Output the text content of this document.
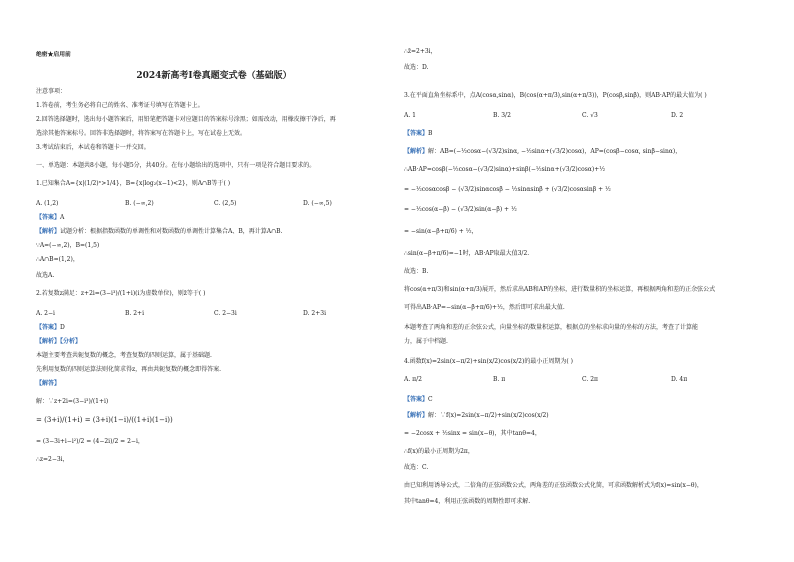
绝密★启用前

2024新高考I卷真题变式卷（基础版）

注意事项：

1.答卷前，考生务必将自己的姓名、准考证号填写在答题卡上。

2.回答选择题时，选出每小题答案后，用铅笔把答题卡对应题目的答案标号涂黑；如需改动，用橡皮擦干净后，再

选涂其他答案标号。回答非选择题时，将答案写在答题卡上，写在试卷上无效。

3.考试结束后，本试卷和答题卡一并交回。

一、单选题：本题共8小题，每小题5分，共40分。在每小题给出的选项中，只有一项是符合题目要求的。

1.已知集合A={x|(1/2)ˣ>1/4}，B={x|log₂(x−1)<2}，则A∩B等于( )

A. (1,2)	B. (−∞,2)	C. (2,5)	D. (−∞,5)

【答案】A

【解析】试题分析：根据指数函数的单调性和对数函数的单调性计算集合A、B，再计算A∩B.

∵A=(−∞,2)，B=(1,5)

∴A∩B=(1,2)，

故选A.

2.若复数z满足：z+2i=(3−i³)/(1+i)(i为虚数单位)，则z̄等于( )

A. 2−i	B. 2+i	C. 2−3i	D. 2+3i

【答案】D

【解析】【分析】

本题主要考查共轭复数的概念，考查复数的四则运算，属于基础题.

先利用复数的四则运算法则化简求得z，再由共轭复数的概念即得答案.

【解答】

解：∵z+2i=(3−i³)/(1+i)

= (3+i)/(1+i) = (3+i)(1−i)/((1+i)(1−i))

= (3−3i+i−i²)/2 = (4−2i)/2 = 2−i，

∴z=2−3i，

∴z̄=2+3i，

故选：D.

3.在平面直角坐标系中，点A(cosα,sinα)，B(cos(α+π/3),sin(α+π/3))，P(cosβ,sinβ)，则AB·AP的最大值为( )

A. 1	B. 3/2	C. √3	D. 2

【答案】B

【解析】解：AB=(−½cosα−(√3/2)sinα, −½sinα+(√3/2)cosα)，AP=(cosβ−cosα, sinβ−sinα)，

∴AB·AP=cosβ(−½cosα−(√3/2)sinα)+sinβ(−½sinα+(√3/2)cosα)+½

= −½cosαcosβ − (√3/2)sinαcosβ − ½sinαsinβ + (√3/2)cosαsinβ + ½

= −½cos(α−β) − (√3/2)sin(α−β) + ½

= −sin(α−β+π/6) + ½，

∴sin(α−β+π/6)=−1时，AB·AP取最大值3/2.

故选：B.

将cos(α+π/3)和sin(α+π/3)展开，然后求出AB和AP的坐标，进行数量积的坐标运算，再根据两角和差的正余弦公式

可得出AB·AP=−sin(α−β+π/6)+½，然后即可求出最大值.

本题考查了两角和差的正余弦公式，向量坐标的数量积运算，根据点的坐标求向量的坐标的方法，考查了计算能

力，属于中档题.

4.函数f(x)=2sin(x−π/2)+sin(x/2)cos(x/2)的最小正周期为( )

A. π/2	B. π	C. 2π	D. 4π

【答案】C

【解析】解：∵f(x)=2sin(x−π/2)+sin(x/2)cos(x/2)

= −2cosx + ½sinx = sin(x−θ)，其中tanθ=4，

∴f(x)的最小正周期为2π，

故选：C.

由已知利用诱导公式，二倍角的正弦函数公式，两角差的正弦函数公式化简，可求函数解析式为f(x)=sin(x−θ)，

其中tanθ=4，利用正弦函数的周期性即可求解.
